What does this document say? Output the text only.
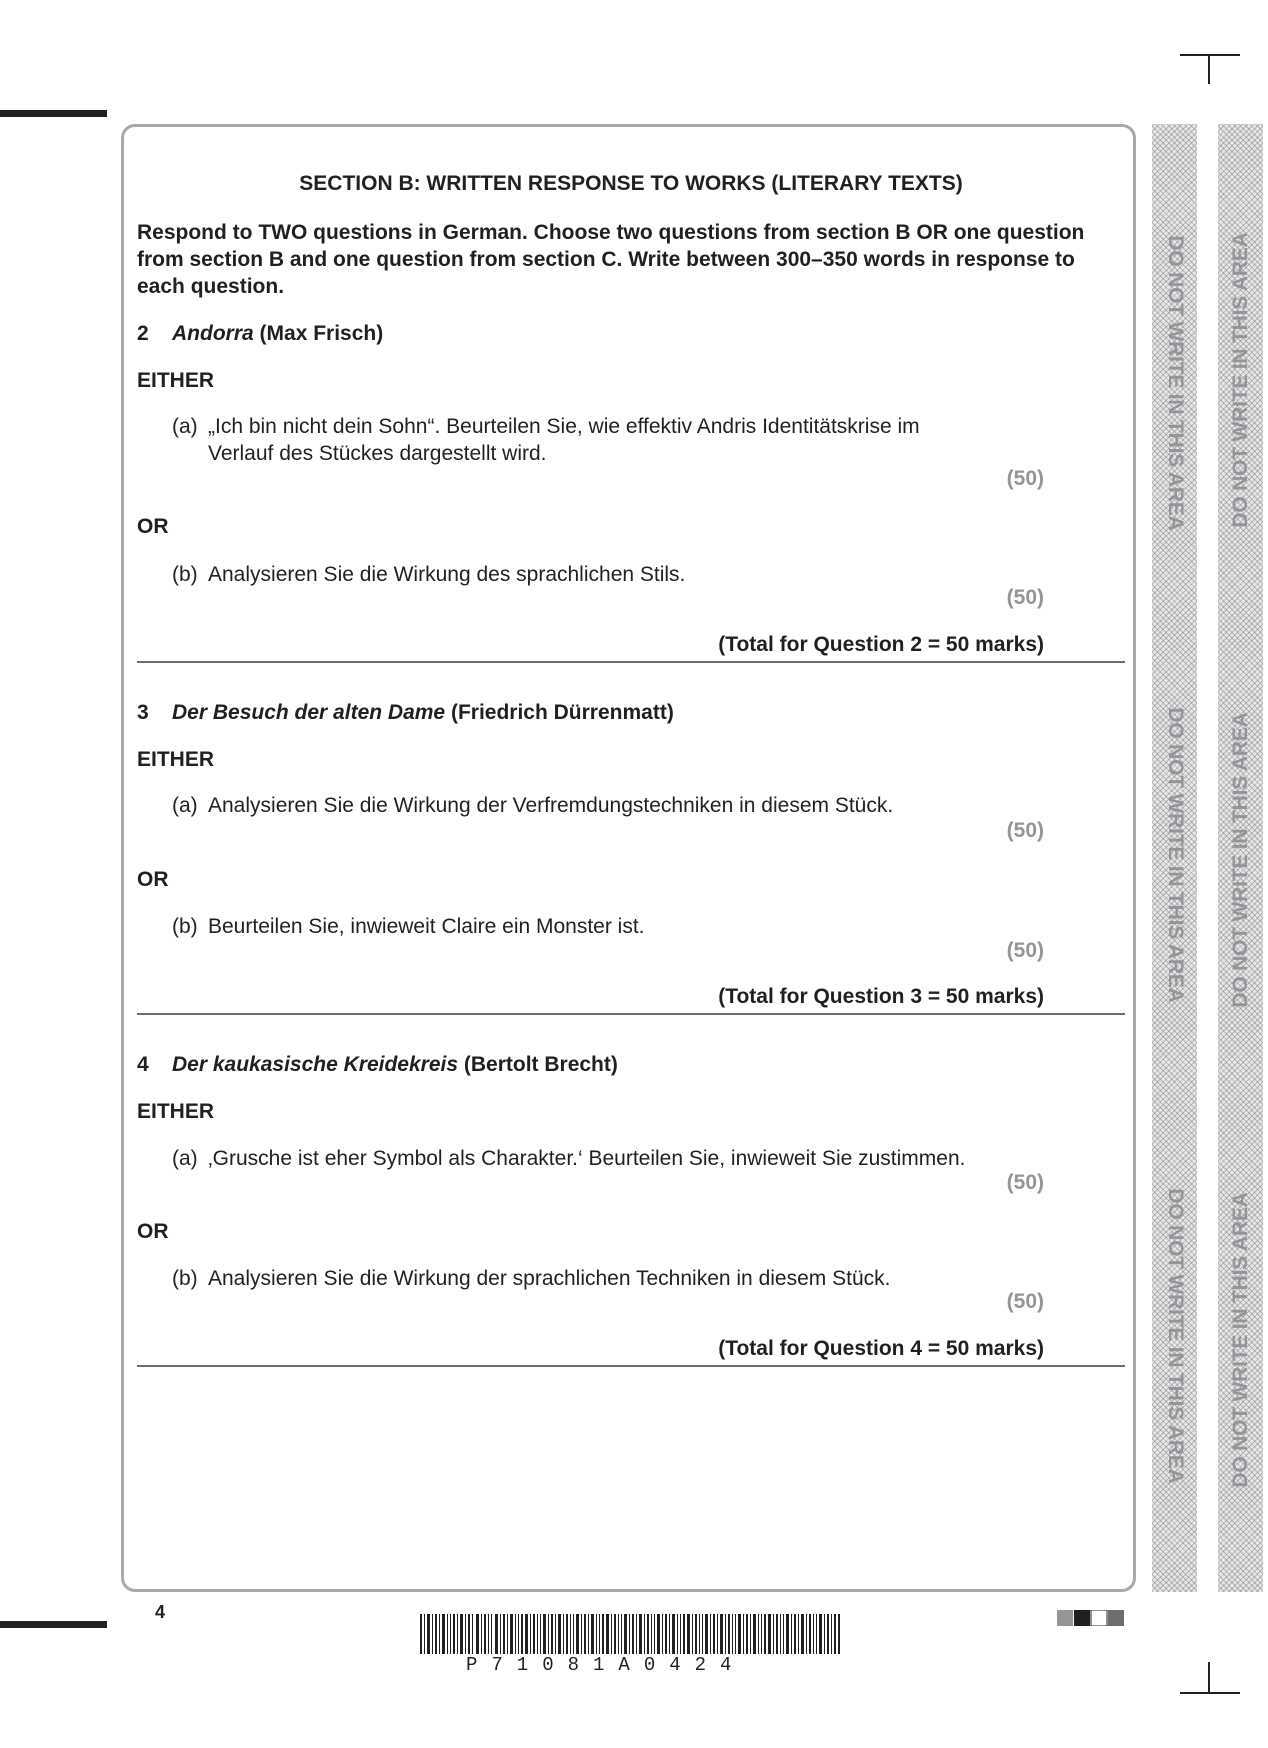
SECTION B: WRITTEN RESPONSE TO WORKS (LITERARY TEXTS)
Respond to TWO questions in German. Choose two questions from section B OR one question from section B and one question from section C. Write between 300–350 words in response to each question.
2 Andorra (Max Frisch)
EITHER
(a) „Ich bin nicht dein Sohn“. Beurteilen Sie, wie effektiv Andris Identitätskrise im
Verlauf des Stückes dargestellt wird.
(50)
OR
(b) Analysieren Sie die Wirkung des sprachlichen Stils.
(50)
(Total for Question 2 = 50 marks)
3 Der Besuch der alten Dame (Friedrich Dürrenmatt)
EITHER
(a) Analysieren Sie die Wirkung der Verfremdungstechniken in diesem Stück.
(50)
OR
(b) Beurteilen Sie, inwieweit Claire ein Monster ist.
(50)
(Total for Question 3 = 50 marks)
4 Der kaukasische Kreidekreis (Bertolt Brecht)
EITHER
(a) ‚Grusche ist eher Symbol als Charakter.‘ Beurteilen Sie, inwieweit Sie zustimmen.
(50)
OR
(b) Analysieren Sie die Wirkung der sprachlichen Techniken in diesem Stück.
(50)
(Total for Question 4 = 50 marks)
DO NOT WRITE IN THIS AREA
DO NOT WRITE IN THIS AREA
DO NOT WRITE IN THIS AREA
DO NOT WRITE IN THIS AREA
DO NOT WRITE IN THIS AREA
DO NOT WRITE IN THIS AREA
4
P71081A0424
